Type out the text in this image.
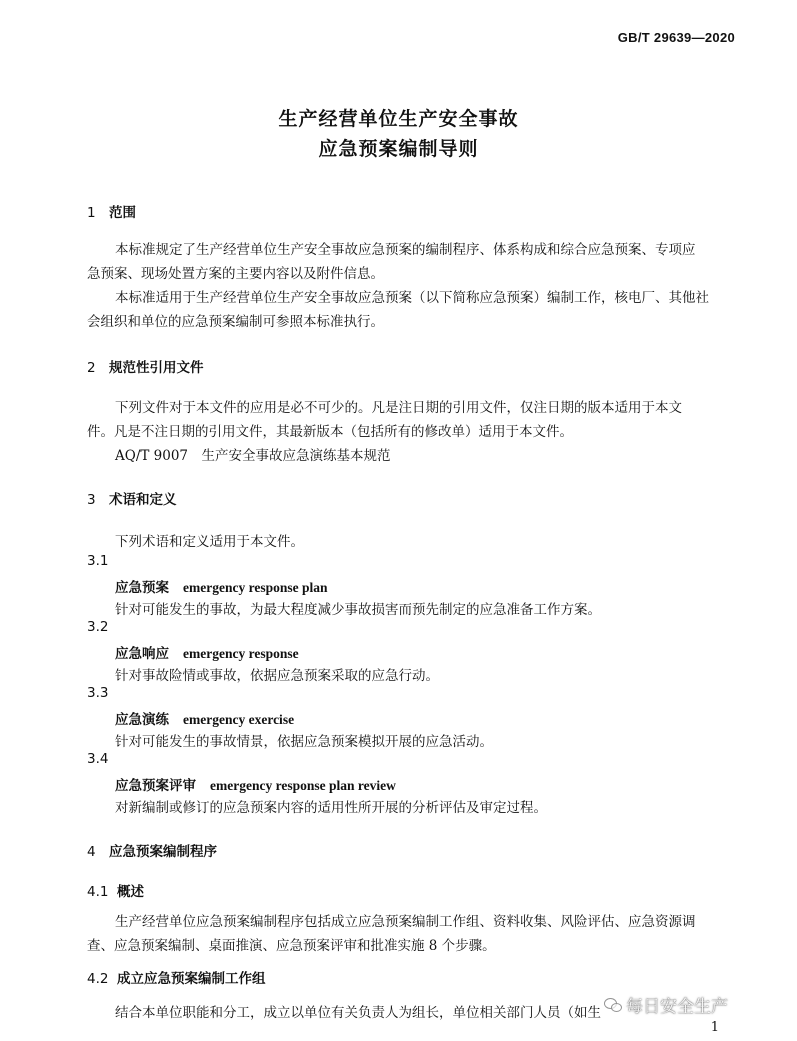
GB/T 29639—2020
生产经营单位生产安全事故
应急预案编制导则
1 范围
本标准规定了生产经营单位生产安全事故应急预案的编制程序、体系构成和综合应急预案、专项应
急预案、现场处置方案的主要内容以及附件信息。
本标准适用于生产经营单位生产安全事故应急预案（以下简称应急预案）编制工作，核电厂、其他社
会组织和单位的应急预案编制可参照本标准执行。
2 规范性引用文件
下列文件对于本文件的应用是必不可少的。凡是注日期的引用文件，仅注日期的版本适用于本文
件。凡是不注日期的引用文件，其最新版本（包括所有的修改单）适用于本文件。
AQ/T 9007　生产安全事故应急演练基本规范
3 术语和定义
下列术语和定义适用于本文件。
3.1
应急预案 emergency response plan
针对可能发生的事故，为最大程度减少事故损害而预先制定的应急准备工作方案。
3.2
应急响应 emergency response
针对事故险情或事故，依据应急预案采取的应急行动。
3.3
应急演练 emergency exercise
针对可能发生的事故情景，依据应急预案模拟开展的应急活动。
3.4
应急预案评审 emergency response plan review
对新编制或修订的应急预案内容的适用性所开展的分析评估及审定过程。
4 应急预案编制程序
4.1 概述
生产经营单位应急预案编制程序包括成立应急预案编制工作组、资料收集、风险评估、应急资源调
查、应急预案编制、桌面推演、应急预案评审和批准实施 8 个步骤。
4.2 成立应急预案编制工作组
结合本单位职能和分工，成立以单位有关负责人为组长，单位相关部门人员（如生 每日安全生产
1
